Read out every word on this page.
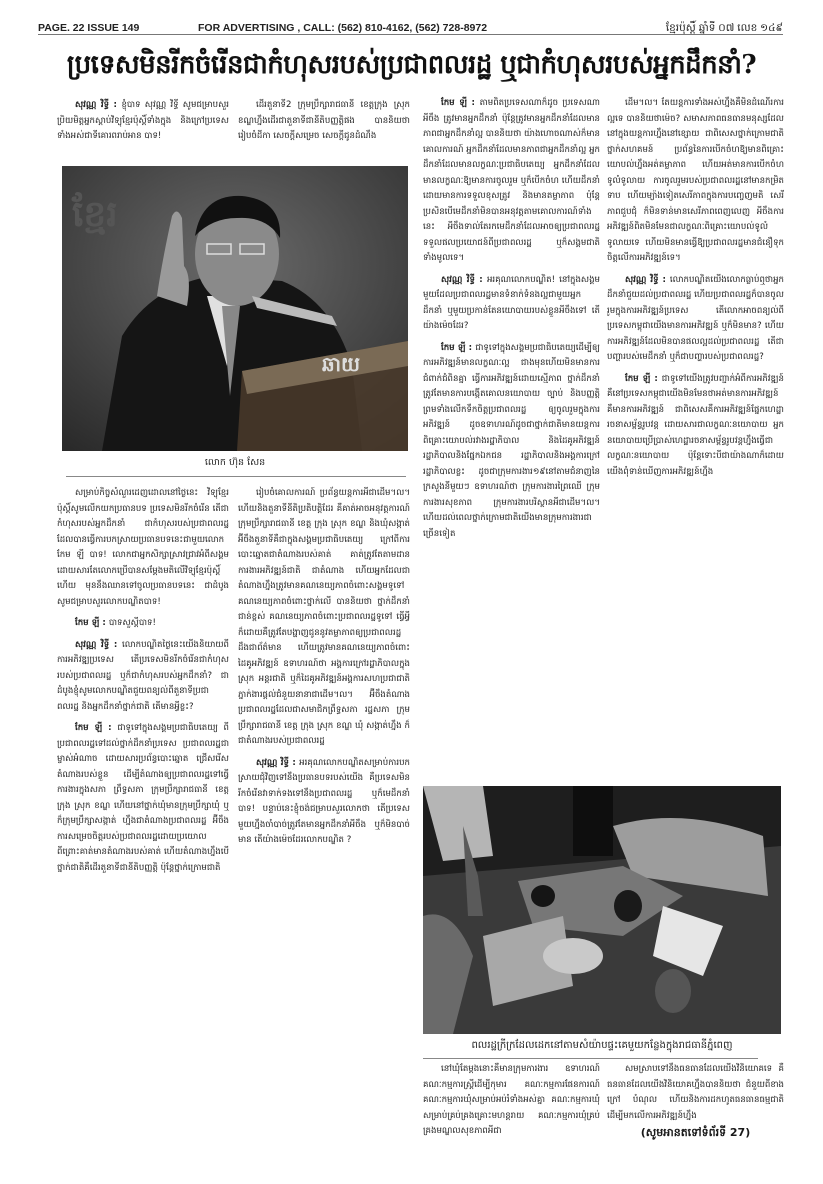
PAGE. 22 ISSUE 149	FOR ADVERTISING , CALL: (562) 810-4162, (562) 728-8972	ខ្មែរប៉ុស្តិ៍ ឆ្នាំទី ០៧ លេខ ១៤៩
ប្រទេសមិនរីកចំរើនជាកំហុសរបស់ប្រជាពលរដ្ឋ ឬជាកំហុសរបស់អ្នកដឹកនាំ?

សុវណ្ណ វិទ្ធី : ខ្ញុំបាទ សុវណ្ណ វិទ្ធី សូមជម្រាបសួរប្រិយមិត្តអ្នកស្តាប់វិទ្យុខ្មែរប៉ុស្តិ៍ទាំងក្នុង និងក្រៅប្រទេសទាំងអស់ជាទីគោរពរាប់អាន បាទ!

ដើរតួនាទី2 ក្រុមប្រឹក្សារាជធានី ខេត្តក្រុង ស្រុក ខណ្ឌហ្នឹងដើរជាតួនាទីជានីតិបញ្ញត្តិផង បាននិយថា រៀបចំដីកា សេចក្តីសម្រេច សេចក្តីជូនដំណឹង

ខ្មែរ
ឆាយ
លោក ហ៊ុន សែន

សម្រាប់កិច្ចសំណួរដេញដោលនៅថ្ងៃនេះ វិទ្យុខ្មែរប៉ុស្តិ៍សូមលើកយកប្រធានបទ ប្រទេសមិនរីកចំរើន តើជាកំហុសរបស់អ្នកដឹកនាំ ជាកំហុសរបស់ប្រជាពលរដ្ឋ ដែលបានធ្វើការបកស្រាយប្រធានបទនេះជាមួយលោក កែម ឡី បាទ! លោកជាអ្នកសិក្សាស្រាវជ្រាវអំពីសង្គម ដោយសារតែលោកប្រើបានសម្តែងមតិលើវិទ្យុខ្មែរប៉ុស្តិ៍ហើយ មុននឹងឈានទៅចូលប្រធានបទនេះ ជាដំបូងសូមជម្រាបសួរលោកបណ្ឌិតបាទ!

កែម ឡី : បាទសួស្តីបាទ!

សុវណ្ណ វិទ្ធី : លោកបណ្ឌិតថ្ងៃនេះយើងនិយាយពីការអភិវឌ្ឍប្រទេស តើប្រទេសមិនរីកចំរើនជាកំហុសរបស់ប្រជាពលរដ្ឋ ឬក៏ជាកំហុសរបស់អ្នកដឹកនាំ? ជាដំបូងខ្ញុំសូមលោកបណ្ឌិតជួយពន្យល់ពីតួនាទីប្រជាពលរដ្ឋ និងអ្នកដឹកនាំថ្នាក់ជាតិ តើមានអ្វីខ្លះ?

កែម ឡី : ជាទូទៅក្នុងសង្គមប្រជាធិបតេយ្យ ពីប្រជាពលរដ្ឋទៅដល់ថ្នាក់ដឹកនាំប្រទេស ប្រជាពលរដ្ឋជាម្ចាស់អំណាច ដោយសារប្រព័ន្ធបោះឆ្នោត ជ្រើសរើសតំណាងរបស់ខ្លួន ដើម្បីតំណាងឲ្យប្រជាពលរដ្ឋទៅធ្វើការងារក្នុងសភា ព្រឹទ្ធសភា ក្រុមប្រឹក្សារាជធានី ខេត្ត ក្រុង ស្រុក ខណ្ឌ ហើយនៅថ្នាក់ឃុំមានក្រុមប្រឹក្សាឃុំ ឬក៏ក្រុមប្រឹក្សាសង្កាត់ ហ្នឹងជាតំណាងប្រជាពលរដ្ឋ អ៊ីចឹងការសម្រេចចិត្តរបស់ប្រជាពលរដ្ឋដោយប្រយោល ពីព្រោះគាត់មានតំណាងរបស់គាត់ ហើយតំណាងហ្នឹងបើថ្នាក់ជាតិគឺដើរតួនាទីជានីតិបញ្ញត្តិ ប៉ុន្តែថ្នាក់ក្រោមជាតិ

រៀបចំគោលការណ៍ ប្រព័ន្ធយន្តការអីជាដើម។ល។ ហើយនិងតួនាទីនីតិប្រតិបត្តិដែរ គឺគាត់អាចអនុវត្តការណ៍ក្រុមប្រឹក្សារាជធានី ខេត្ត ក្រុង ស្រុក ខណ្ឌ និងឃុំសង្កាត់ អ៊ីចឹងតួនាទីគឺជាក្នុងសង្គមប្រជាធិបតេយ្យ ក្រៅពីការបោះឆ្នោតជាតំណាងរបស់គាត់ គាត់ត្រូវតែតាមដានការងារអភិវឌ្ឍន៍ជាតិ ជាតំណាង ហើយអ្នកដែលជាតំណាងហ្នឹងត្រូវមានគណនេយ្យភាពចំពោះសង្គមទូទៅ គណនេយ្យភាពចំពោះថ្នាក់លើ បាននិយថា ថ្នាក់ដឹកនាំជាន់ខ្ពស់ គណនេយ្យភាពចំពោះប្រជាពលរដ្ឋទូទៅ ធ្វើអ្វីក៏ដោយគឺត្រូវតែបង្ហាញជូននូវតម្លាភាពឲ្យប្រជាពលរដ្ឋដឹងជាព័ត៌មាន ហើយត្រូវមានគណនេយ្យភាពចំពោះដៃគូអភិវឌ្ឍន៍ ឧទាហរណ៍ថា អង្គការក្រៅរដ្ឋាភិបាលក្នុងស្រុក អន្តរជាតិ ឬក៏ដៃគូអភិវឌ្ឍន៍អង្គការសហប្រជាជាតិ ភ្នាក់ងារផ្តល់ជំនួយនានាជាដើម។ល។ អ៊ីចឹងតំណាងប្រជាពលរដ្ឋដែលជាសមាជិកព្រឹទ្ធសភា រដ្ឋសភា ក្រុមប្រឹក្សារាជធានី ខេត្ត ក្រុង ស្រុក ខណ្ឌ ឃុំ សង្កាត់ហ្នឹង ក៏ជាតំណាងរបស់ប្រជាពលរដ្ឋ

សុវណ្ណ វិទ្ធី : អរគុណលោកបណ្ឌិតសម្រាប់ការបកស្រាយជុំវិញទៅនឹងប្រធានបទរបស់យើង គឺប្រទេសមិនរីកចំរើនវាទាក់ទងទៅនឹងប្រជាពលរដ្ឋ ឬក៏មេដឹកនាំ បាទ! បន្ទាប់នេះខ្ញុំចង់ជម្រាបសួរលោកថា តើប្រទេសមួយហ្នឹងចាំបាច់ត្រូវតែមានអ្នកដឹកនាំអីចឹង ឬក៏មិនបាច់មាន តើយ៉ាងម៉េចដែរលោកបណ្ឌិត ?

កែម ឡី : តាមពិតប្រទេសណាក៏ដូច ប្រទេសណាអីចឹង ត្រូវមានអ្នកដឹកនាំ ប៉ុន្តែត្រូវមានអ្នកដឹកនាំដែលមានភាពជាអ្នកដឹកនាំល្អ បាននិយថា យ៉ាងហោចណាស់ក៏មានគោលការណ៍ អ្នកដឹកនាំដែលមានភាពជាអ្នកដឹកនាំល្អ អ្នកដឹកនាំដែលមានលក្ខណៈប្រជាធិបតេយ្យ អ្នកដឹកនាំដែលមានលក្ខណៈឱ្យមានការចូលរួម ឬក៏បើកចំហ ហើយដឹកនាំដោយមានការទទួលខុសត្រូវ និងមានតម្លាភាព ប៉ុន្តែប្រសិនបើមេដឹកនាំមិនបានអនុវត្តតាមគោលការណ៍ទាំងនេះ អីចឹងទាល់តែរកមេដឹកនាំដែលអាចឲ្យប្រជាពលរដ្ឋទទួលផលប្រយោជន៍ពីប្រជាពលរដ្ឋ ឬក៏សង្គមជាតិទាំងមូលទេ។

សុវណ្ណ វិទ្ធី : អរគុណលោកបណ្ឌិត! នៅក្នុងសង្គមមួយដែលប្រជាពលរដ្ឋមានទំនាក់ទំនងល្អជាមួយអ្នកដឹកនាំ ឬមួយប្រកាន់តែនយោបាយរបស់ខ្លួនអីចឹងទៅ តើយ៉ាងម៉េចដែរ?

កែម ឡី : ជាទូទៅក្នុងសង្គមប្រជាធិបតេយ្យដើម្បីឲ្យការអភិវឌ្ឍន៍មានលក្ខណៈល្អ ជាងមុនហើយមិនមានការជំពាក់ជំពិនគ្នា ធ្វើការអភិវឌ្ឍន៍ដោយស្មើភាព ថ្នាក់ដឹកនាំត្រូវតែមានការបង្កើតគោលនយោបាយ ច្បាប់ និងបញ្ញត្តិ ព្រមទាំងលើកទឹកចិត្តប្រជាពលរដ្ឋ ឲ្យចូលរួមក្នុងការអភិវឌ្ឍន៍ ដូចឧទាហរណ៍ដូចជាថ្នាក់ជាតិមានយន្តការពិគ្រោះយោបល់រវាងរដ្ឋាភិបាល និងដៃគូអភិវឌ្ឍន៍ រដ្ឋាភិបាលនិងផ្នែកឯកជន រដ្ឋាភិបាលនិងអង្គការក្រៅរដ្ឋាភិបាលខ្លះ ដូចជាក្រុមការងារ១៩នៅតាមជំនាញនៃក្រសួងនីមួយៗ ឧទាហរណ៍ថា ក្រុមការងារព្រៃឈើ ក្រុមការងារសុខភាព ក្រុមការងារបរិស្ថានអីជាដើម។ល។ ហើយដល់ពេលថ្នាក់ក្រោមជាតិយើងមានក្រុមការងារជាច្រើនទៀត

ដើម។ល។ តែយន្តការទាំងអស់ហ្នឹងគឺមិនដំណើរការល្អទេ បាននិយថាម៉េច? សមាសភាពធនធានមនុស្សដែលនៅក្នុងយន្តការហ្នឹងនៅខ្សោយ ជាពិសេសថ្នាក់ក្រោមជាតិ ថ្នាក់សហគមន៍ ប្រព័ន្ធនៃការបើកចំហឱ្យមានពិគ្រោះយោបល់ហ្នឹងអត់តម្លាភាព ហើយអត់មានការបើកចំហទូលំទូលាយ ការចូលរួមរបស់ប្រជាពលរដ្ឋនៅមានកម្រិតទាប ហើយម្យ៉ាងទៀតសេរីភាពក្នុងការបញ្ចេញមតិ សេរីភាពជួបជុំ ក៏មិនទាន់មានសេរីភាពពេញលេញ អីចឹងការអភិវឌ្ឍន៍ពិតមិនមែនជាលក្ខណៈពិគ្រោះយោបល់ទូលំទូលាយទេ ហើយមិនមានធ្វើឱ្យប្រជាពលរដ្ឋមានជំនឿទុកចិត្តលើការអភិវឌ្ឍន៍ទេ។

សុវណ្ណ វិទ្ធី : លោកបណ្ឌិតយើងលោកធ្លាប់ឮថាអ្នកដឹកនាំជួយដល់ប្រជាពលរដ្ឋ ហើយប្រជាពលរដ្ឋក៏បានចូលរួមក្នុងការអភិវឌ្ឍន៍ប្រទេស តើលោកអាចពន្យល់ពីប្រទេសកម្ពុជាយើងមានការអភិវឌ្ឍន៍ ឬក៏មិនមាន? ហើយការអភិវឌ្ឍន៍ដែលមិនបានផលល្អដល់ប្រជាពលរដ្ឋ តើជាបញ្ហារបស់មេដឹកនាំ ឬក៏ជាបញ្ហារបស់ប្រជាពលរដ្ឋ?

កែម ឡី : ជាទូទៅយើងត្រូវបញ្ជាក់អំពីការអភិវឌ្ឍន៍ គឺនៅប្រទេសកម្ពុជាយើងមិនមែនថាអត់មានការអភិវឌ្ឍន៍ គឺមានការអភិវឌ្ឍន៍ ជាពិសេសគឺការអភិវឌ្ឍន៍ផ្នែកហេដ្ឋារចនាសម្ព័ន្ធរូបវន្ត ដោយសារជាលក្ខណៈនយោបាយ អ្នកនយោបាយប្រើប្រាស់ហេដ្ឋារចនាសម្ព័ន្ធរូបវន្តហ្នឹងធ្វើជាលក្ខណៈនយោបាយ ប៉ុន្តែទោះបីជាយ៉ាងណាក៏ដោយយើងពុំទាន់ឃើញការអភិវឌ្ឍន៍ហ្នឹង

ពលរដ្ឋក្រីក្រដែលដេកនៅតាមសំយ៉ាបផ្ទះគេមួយកន្លែងក្នុងរាជធានីភ្នំពេញ

នៅឃុំតែម្តងនោះគឺមានក្រុមការងារ ឧទាហរណ៍គណៈកម្មការស្ត្រីដើម្បីកុមារ គណៈកម្មការផែនការណ៍ គណៈកម្មការឃុំសម្រាប់អប់រំទាំងអស់គ្នា គណៈកម្មការឃុំសម្រាប់គ្រប់គ្រងគ្រោះមហន្តរាយ គណៈកម្មការឃុំគ្រប់គ្រងមណ្ឌលសុខភាពអីជា

សមស្រាបទៅនឹងធនធានដែលយើងវិនិយោគទេ គឺធនធានដែលយើងវិនិយោគហ្នឹងបាននិយថា ជំនួយពីខាងក្រៅ បំណុល ហើយនិងការដកហូតធនធានធម្មជាតិដើម្បីមកលើការអភិវឌ្ឍន៍ហ្នឹង

(សូមអានតទៅទំព័រទី 27)
